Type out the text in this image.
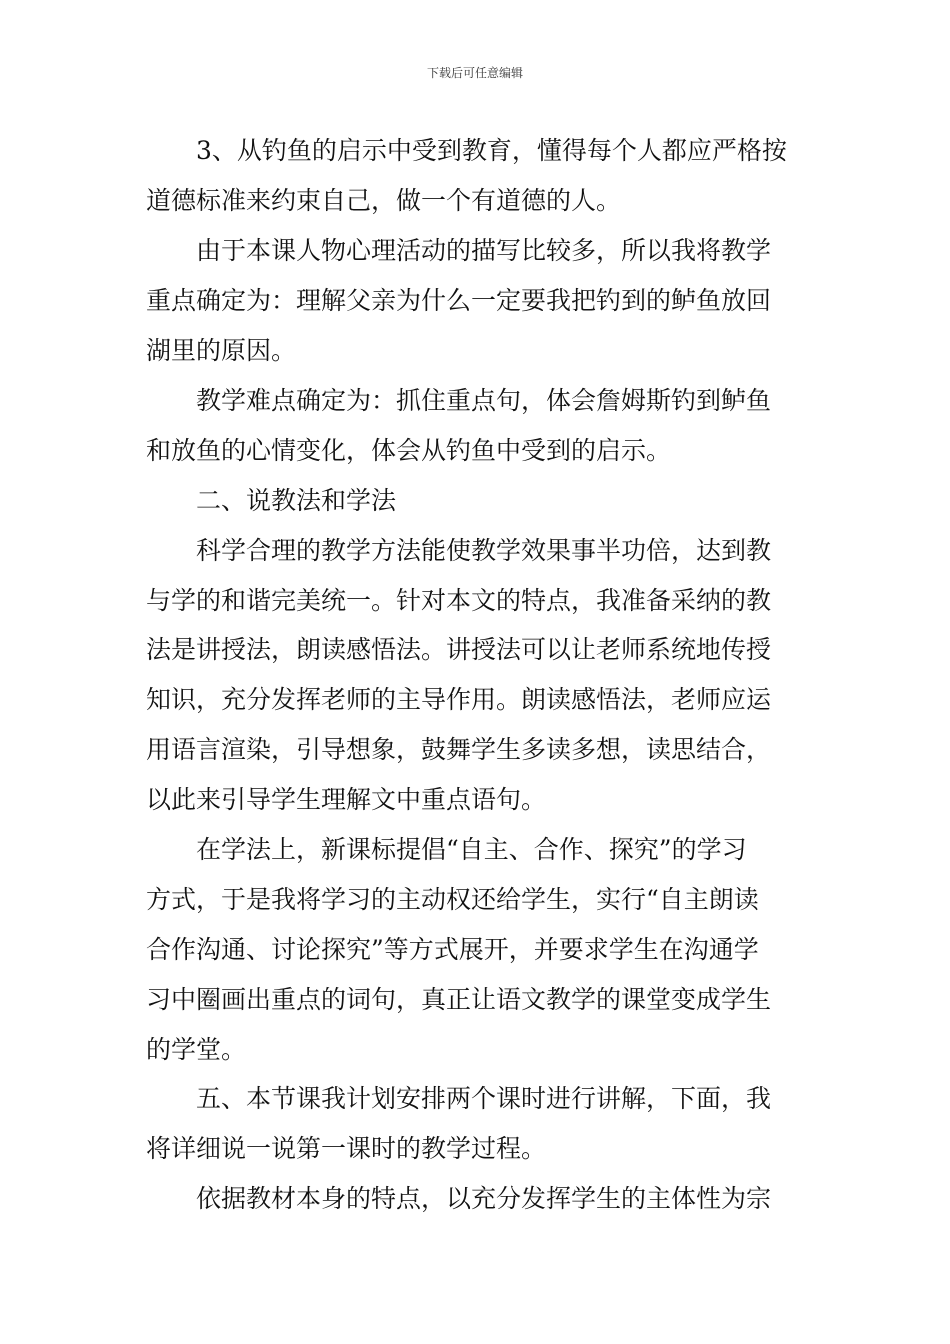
下载后可任意编辑
　　3、从钓鱼的启示中受到教育，懂得每个人都应严格按
道德标准来约束自己，做一个有道德的人。
　　由于本课人物心理活动的描写比较多，所以我将教学
重点确定为：理解父亲为什么一定要我把钓到的鲈鱼放回
湖里的原因。
　　教学难点确定为：抓住重点句，体会詹姆斯钓到鲈鱼
和放鱼的心情变化，体会从钓鱼中受到的启示。
　　二、说教法和学法
　　科学合理的教学方法能使教学效果事半功倍，达到教
与学的和谐完美统一。针对本文的特点，我准备采纳的教
法是讲授法，朗读感悟法。讲授法可以让老师系统地传授
知识，充分发挥老师的主导作用。朗读感悟法，老师应运
用语言渲染，引导想象，鼓舞学生多读多想，读思结合，
以此来引导学生理解文中重点语句。
　　在学法上，新课标提倡“自主、合作、探究”的学习
方式，于是我将学习的主动权还给学生，实行“自主朗读
合作沟通、讨论探究”等方式展开，并要求学生在沟通学
习中圈画出重点的词句，真正让语文教学的课堂变成学生
的学堂。
　　五、本节课我计划安排两个课时进行讲解，下面，我
将详细说一说第一课时的教学过程。
　　依据教材本身的特点，以充分发挥学生的主体性为宗
